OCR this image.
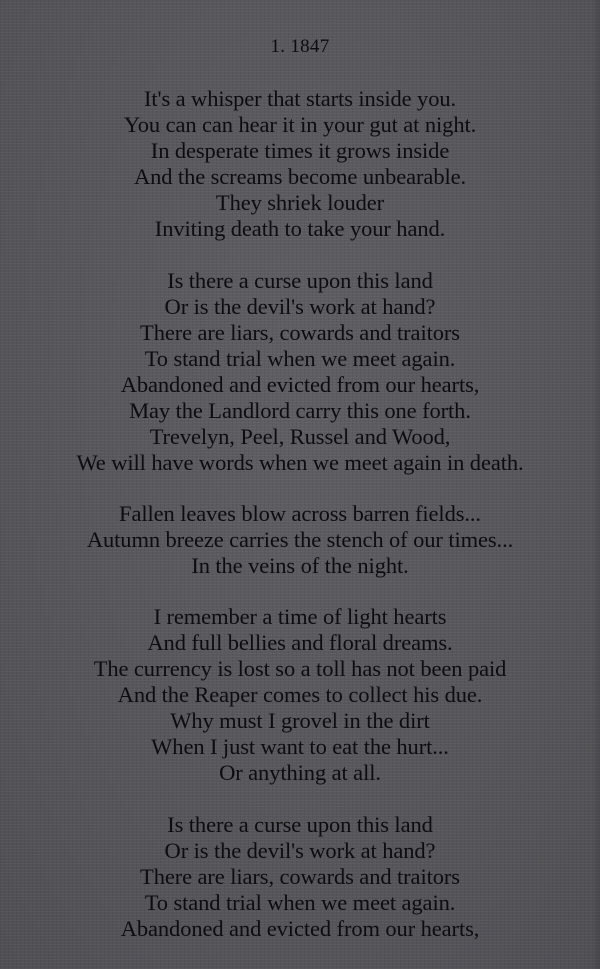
1. 1847
It's a whisper that starts inside you.
You can can hear it in your gut at night.
In desperate times it grows inside
And the screams become unbearable.
They shriek louder
Inviting death to take your hand.
Is there a curse upon this land
Or is the devil's work at hand?
There are liars, cowards and traitors
To stand trial when we meet again.
Abandoned and evicted from our hearts,
May the Landlord carry this one forth.
Trevelyn, Peel, Russel and Wood,
We will have words when we meet again in death.
Fallen leaves blow across barren fields...
Autumn breeze carries the stench of our times...
In the veins of the night.
I remember a time of light hearts
And full bellies and floral dreams.
The currency is lost so a toll has not been paid
And the Reaper comes to collect his due.
Why must I grovel in the dirt
When I just want to eat the hurt...
Or anything at all.
Is there a curse upon this land
Or is the devil's work at hand?
There are liars, cowards and traitors
To stand trial when we meet again.
Abandoned and evicted from our hearts,
